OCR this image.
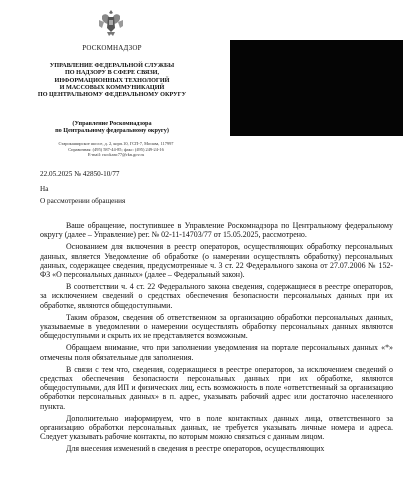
РОСКОМНАДЗОР
УПРАВЛЕНИЕ ФЕДЕРАЛЬНОЙ СЛУЖБЫ
ПО НАДЗОРУ В СФЕРЕ СВЯЗИ,
ИНФОРМАЦИОННЫХ ТЕХНОЛОГИЙ
И МАССОВЫХ КОММУНИКАЦИЙ
ПО ЦЕНТРАЛЬНОМУ ФЕДЕРАЛЬНОМУ ОКРУГУ
(Управление Роскомнадзора
по Центральному федеральному округу)
Старокаширское шоссе, д. 2, корп.10, ГСП-7, Москва, 117997
Справочная: (495) 587-44-85; факс: (495) 249-24-16
E-mail: rsockanc77@rkn.gov.ru
22.05.2025 № 42850-10/77
На
О рассмотрении обращения

Ваше обращение, поступившее в Управление Роскомнадзора по Центральному федеральному округу (далее – Управление) рег. № 02-11-14703/77 от 15.05.2025, рассмотрено.

Основанием для включения в реестр операторов, осуществляющих обработку персональных данных, является Уведомление об обработке (о намерении осуществлять обработку) персональных данных, содержащее сведения, предусмотренные ч. 3 ст. 22 Федерального закона от 27.07.2006 № 152-ФЗ «О персональных данных» (далее – Федеральный закон).

В соответствии ч. 4 ст. 22 Федерального закона сведения, содержащиеся в реестре операторов, за исключением сведений о средствах обеспечения безопасности персональных данных при их обработке, являются общедоступными.

Таким образом, сведения об ответственном за организацию обработки персональных данных, указываемые в уведомлении о намерении осуществлять обработку персональных данных являются общедоступными и скрыть их не представляется возможным.

Обращаем внимание, что при заполнении уведомления на портале персональных данных «*» отмечены поля обязательные для заполнения.

В связи с тем что, сведения, содержащиеся в реестре операторов, за исключением сведений о средствах обеспечения безопасности персональных данных при их обработке, являются общедоступными, для ИП и физических лиц, есть возможность в поле «ответственный за организацию обработки персональных данных» в п. адрес, указывать рабочий адрес или достаточно населенного пункта.

Дополнительно информируем, что в поле контактных данных лица, ответственного за организацию обработки персональных данных, не требуется указывать личные номера и адреса. Следует указывать рабочие контакты, по которым можно связаться с данным лицом.

Для внесения изменений в сведения в реестре операторов, осуществляющих
